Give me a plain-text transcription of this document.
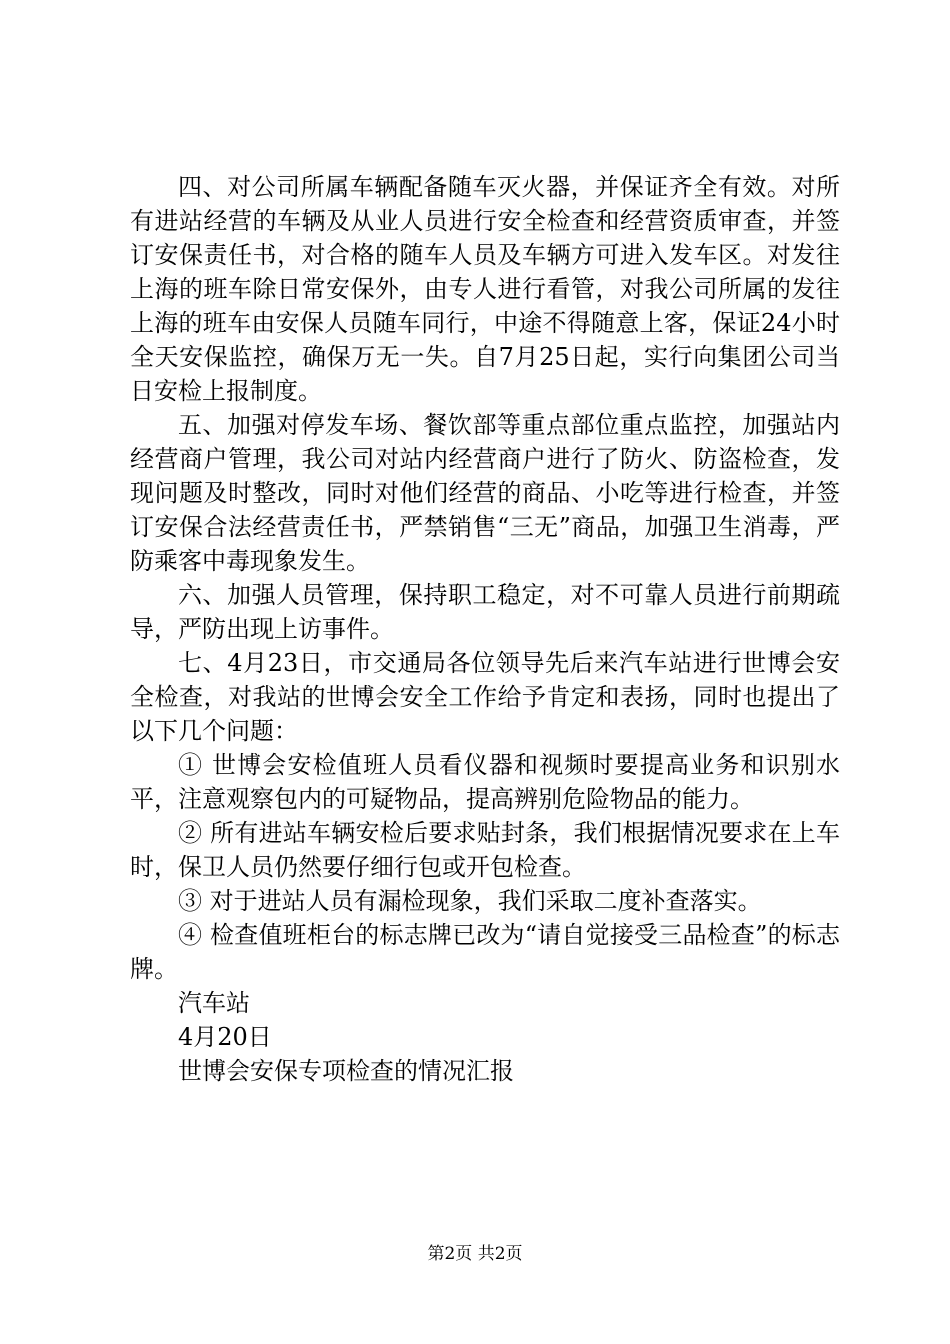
四、对公司所属车辆配备随车灭火器，并保证齐全有效。对所有进站经营的车辆及从业人员进行安全检查和经营资质审查，并签订安保责任书，对合格的随车人员及车辆方可进入发车区。对发往上海的班车除日常安保外，由专人进行看管，对我公司所属的发往上海的班车由安保人员随车同行，中途不得随意上客，保证24小时全天安保监控，确保万无一失。自7月25日起，实行向集团公司当日安检上报制度。

五、加强对停发车场、餐饮部等重点部位重点监控，加强站内经营商户管理，我公司对站内经营商户进行了防火、防盗检查，发现问题及时整改，同时对他们经营的商品、小吃等进行检查，并签订安保合法经营责任书，严禁销售“三无”商品，加强卫生消毒，严防乘客中毒现象发生。

六、加强人员管理，保持职工稳定，对不可靠人员进行前期疏导，严防出现上访事件。

七、4月23日，市交通局各位领导先后来汽车站进行世博会安全检查，对我站的世博会安全工作给予肯定和表扬，同时也提出了以下几个问题：

① 世博会安检值班人员看仪器和视频时要提高业务和识别水平，注意观察包内的可疑物品，提高辨别危险物品的能力。

② 所有进站车辆安检后要求贴封条，我们根据情况要求在上车时，保卫人员仍然要仔细行包或开包检查。

③ 对于进站人员有漏检现象，我们采取二度补查落实。

④ 检查值班柜台的标志牌已改为“请自觉接受三品检查”的标志牌。

汽车站

4月20日

世博会安保专项检查的情况汇报

第2页 共2页
